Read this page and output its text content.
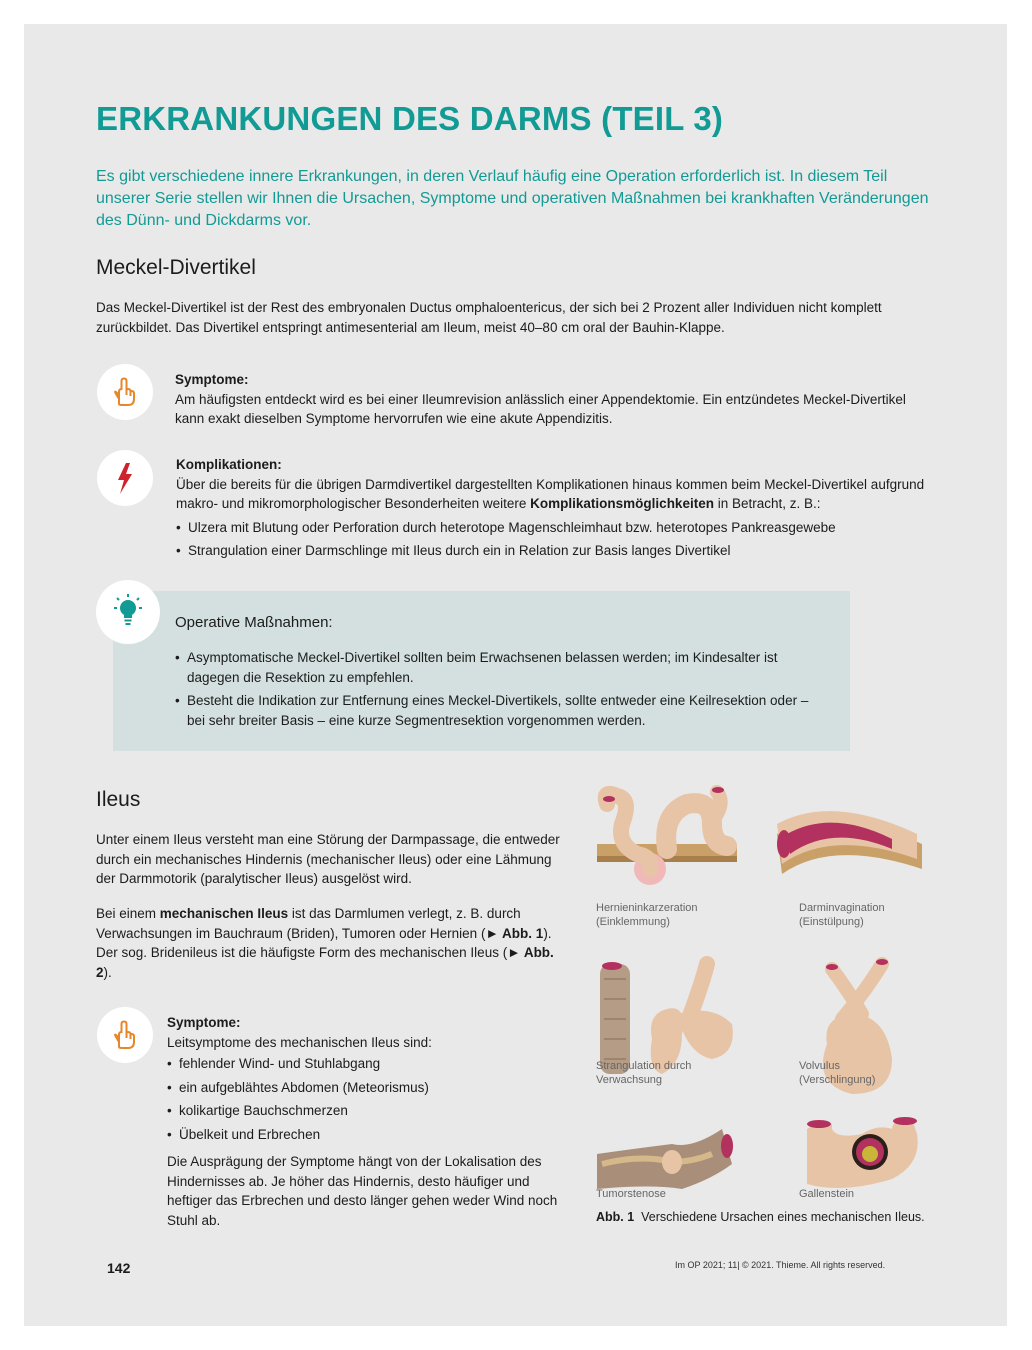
ERKRANKUNGEN DES DARMS (TEIL 3)

Es gibt verschiedene innere Erkrankungen, in deren Verlauf häufig eine Operation erforderlich ist. In diesem Teil unserer Serie stellen wir Ihnen die Ursachen, Symptome und operativen Maßnahmen bei krankhaften Veränderungen des Dünn- und Dickdarms vor.

Meckel-Divertikel

Das Meckel-Divertikel ist der Rest des embryonalen Ductus omphaloentericus, der sich bei 2 Prozent aller Individuen nicht komplett zurückbildet. Das Divertikel entspringt antimesenterial am Ileum, meist 40–80 cm oral der Bauhin-Klappe.

Symptome:
Am häufigsten entdeckt wird es bei einer Ileumrevision anlässlich einer Appendektomie. Ein entzündetes Meckel-Divertikel kann exakt dieselben Symptome hervorrufen wie eine akute Appendizitis.
Komplikationen:
Über die bereits für die übrigen Darmdivertikel dargestellten Komplikationen hinaus kommen beim Meckel-Divertikel aufgrund makro- und mikromorphologischer Besonderheiten weitere Komplikationsmöglichkeiten in Betracht, z. B.:
• Ulzera mit Blutung oder Perforation durch heterotope Magenschleimhaut bzw. heterotopes Pankreasgewebe
• Strangulation einer Darmschlinge mit Ileus durch ein in Relation zur Basis langes Divertikel

Operative Maßnahmen:

• Asymptomatische Meckel-Divertikel sollten beim Erwachsenen belassen werden; im Kindesalter ist dagegen die Resektion zu empfehlen.
• Besteht die Indikation zur Entfernung eines Meckel-Divertikels, sollte entweder eine Keilresektion oder – bei sehr breiter Basis – eine kurze Segmentresektion vorgenommen werden.
Ileus

Unter einem Ileus versteht man eine Störung der Darmpassage, die entweder durch ein mechanisches Hindernis (mechanischer Ileus) oder eine Lähmung der Darmmotorik (paralytischer Ileus) ausgelöst wird.

Bei einem mechanischen Ileus ist das Darmlumen verlegt, z. B. durch Verwachsungen im Bauchraum (Briden), Tumoren oder Hernien (► Abb. 1). Der sog. Bridenileus ist die häufigste Form des mechanischen Ileus (► Abb. 2).

Symptome:
Leitsymptome des mechanischen Ileus sind:
• fehlender Wind- und Stuhlabgang
• ein aufgeblähtes Abdomen (Meteorismus)
• kolikartige Bauchschmerzen
• Übelkeit und Erbrechen

Die Ausprägung der Symptome hängt von der Lokalisation des Hindernisses ab. Je höher das Hindernis, desto häufiger und heftiger das Erbrechen und desto länger gehen weder Wind noch Stuhl ab.

Hernieninkarzeration (Einklemmung)
Darminvagination (Einstülpung)
Strangulation durch Verwachsung
Volvulus (Verschlingung)
Tumorstenose	Gallenstein
Abb. 1 Verschiedene Ursachen eines mechanischen Ileus.
142	Im OP 2021; 11| © 2021. Thieme. All rights reserved.
